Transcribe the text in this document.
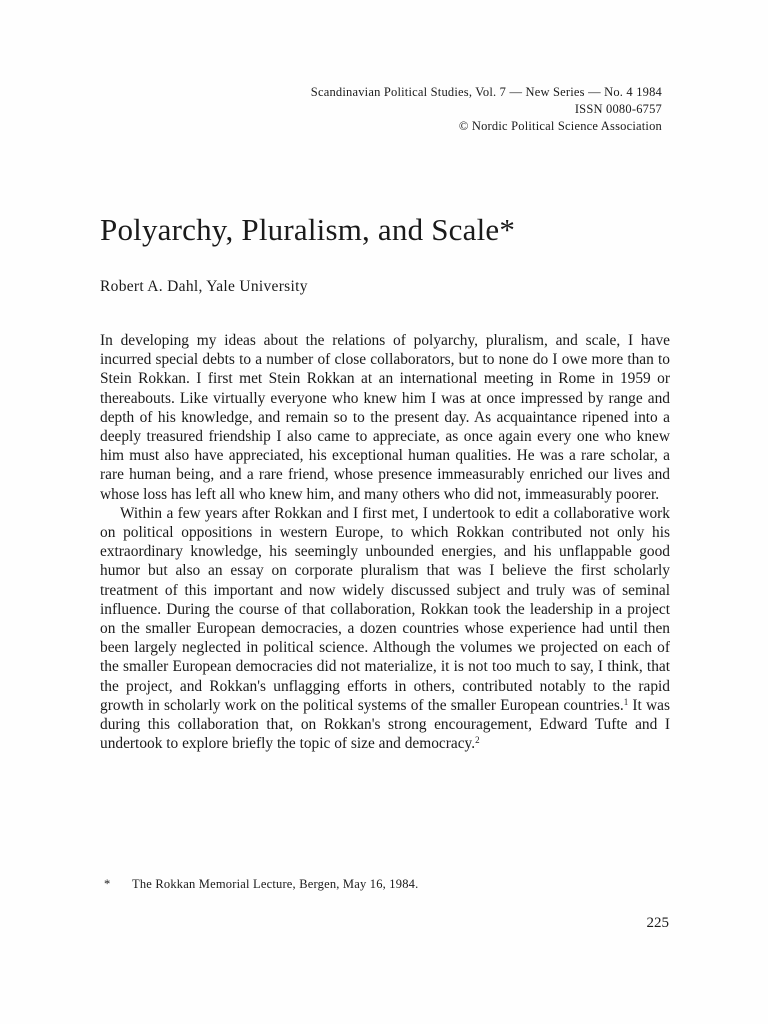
Scandinavian Political Studies, Vol. 7 — New Series — No. 4 1984
ISSN 0080-6757
© Nordic Political Science Association
Polyarchy, Pluralism, and Scale*
Robert A. Dahl, Yale University

In developing my ideas about the relations of polyarchy, pluralism, and scale, I have incurred special debts to a number of close collaborators, but to none do I owe more than to Stein Rokkan. I first met Stein Rokkan at an international meeting in Rome in 1959 or thereabouts. Like virtually everyone who knew him I was at once impressed by range and depth of his knowledge, and remain so to the present day. As acquaintance ripened into a deeply treasured friendship I also came to appreciate, as once again every one who knew him must also have appreciated, his exceptional human qualities. He was a rare scholar, a rare human being, and a rare friend, whose presence immeasurably enriched our lives and whose loss has left all who knew him, and many others who did not, immeasurably poorer.

Within a few years after Rokkan and I first met, I undertook to edit a collaborative work on political oppositions in western Europe, to which Rokkan contributed not only his extraordinary knowledge, his seemingly unbounded energies, and his unflappable good humor but also an essay on corporate pluralism that was I believe the first scholarly treatment of this important and now widely discussed subject and truly was of seminal influence. During the course of that collaboration, Rokkan took the leadership in a project on the smaller European democracies, a dozen countries whose experience had until then been largely neglected in political science. Although the volumes we projected on each of the smaller European democracies did not materialize, it is not too much to say, I think, that the project, and Rokkan's unflagging efforts in others, contributed notably to the rapid growth in scholarly work on the political systems of the smaller European countries.$^1$ It was during this collaboration that, on Rokkan's strong encouragement, Edward Tufte and I undertook to explore briefly the topic of size and democracy.$^2$

* The Rokkan Memorial Lecture, Bergen, May 16, 1984.
225
